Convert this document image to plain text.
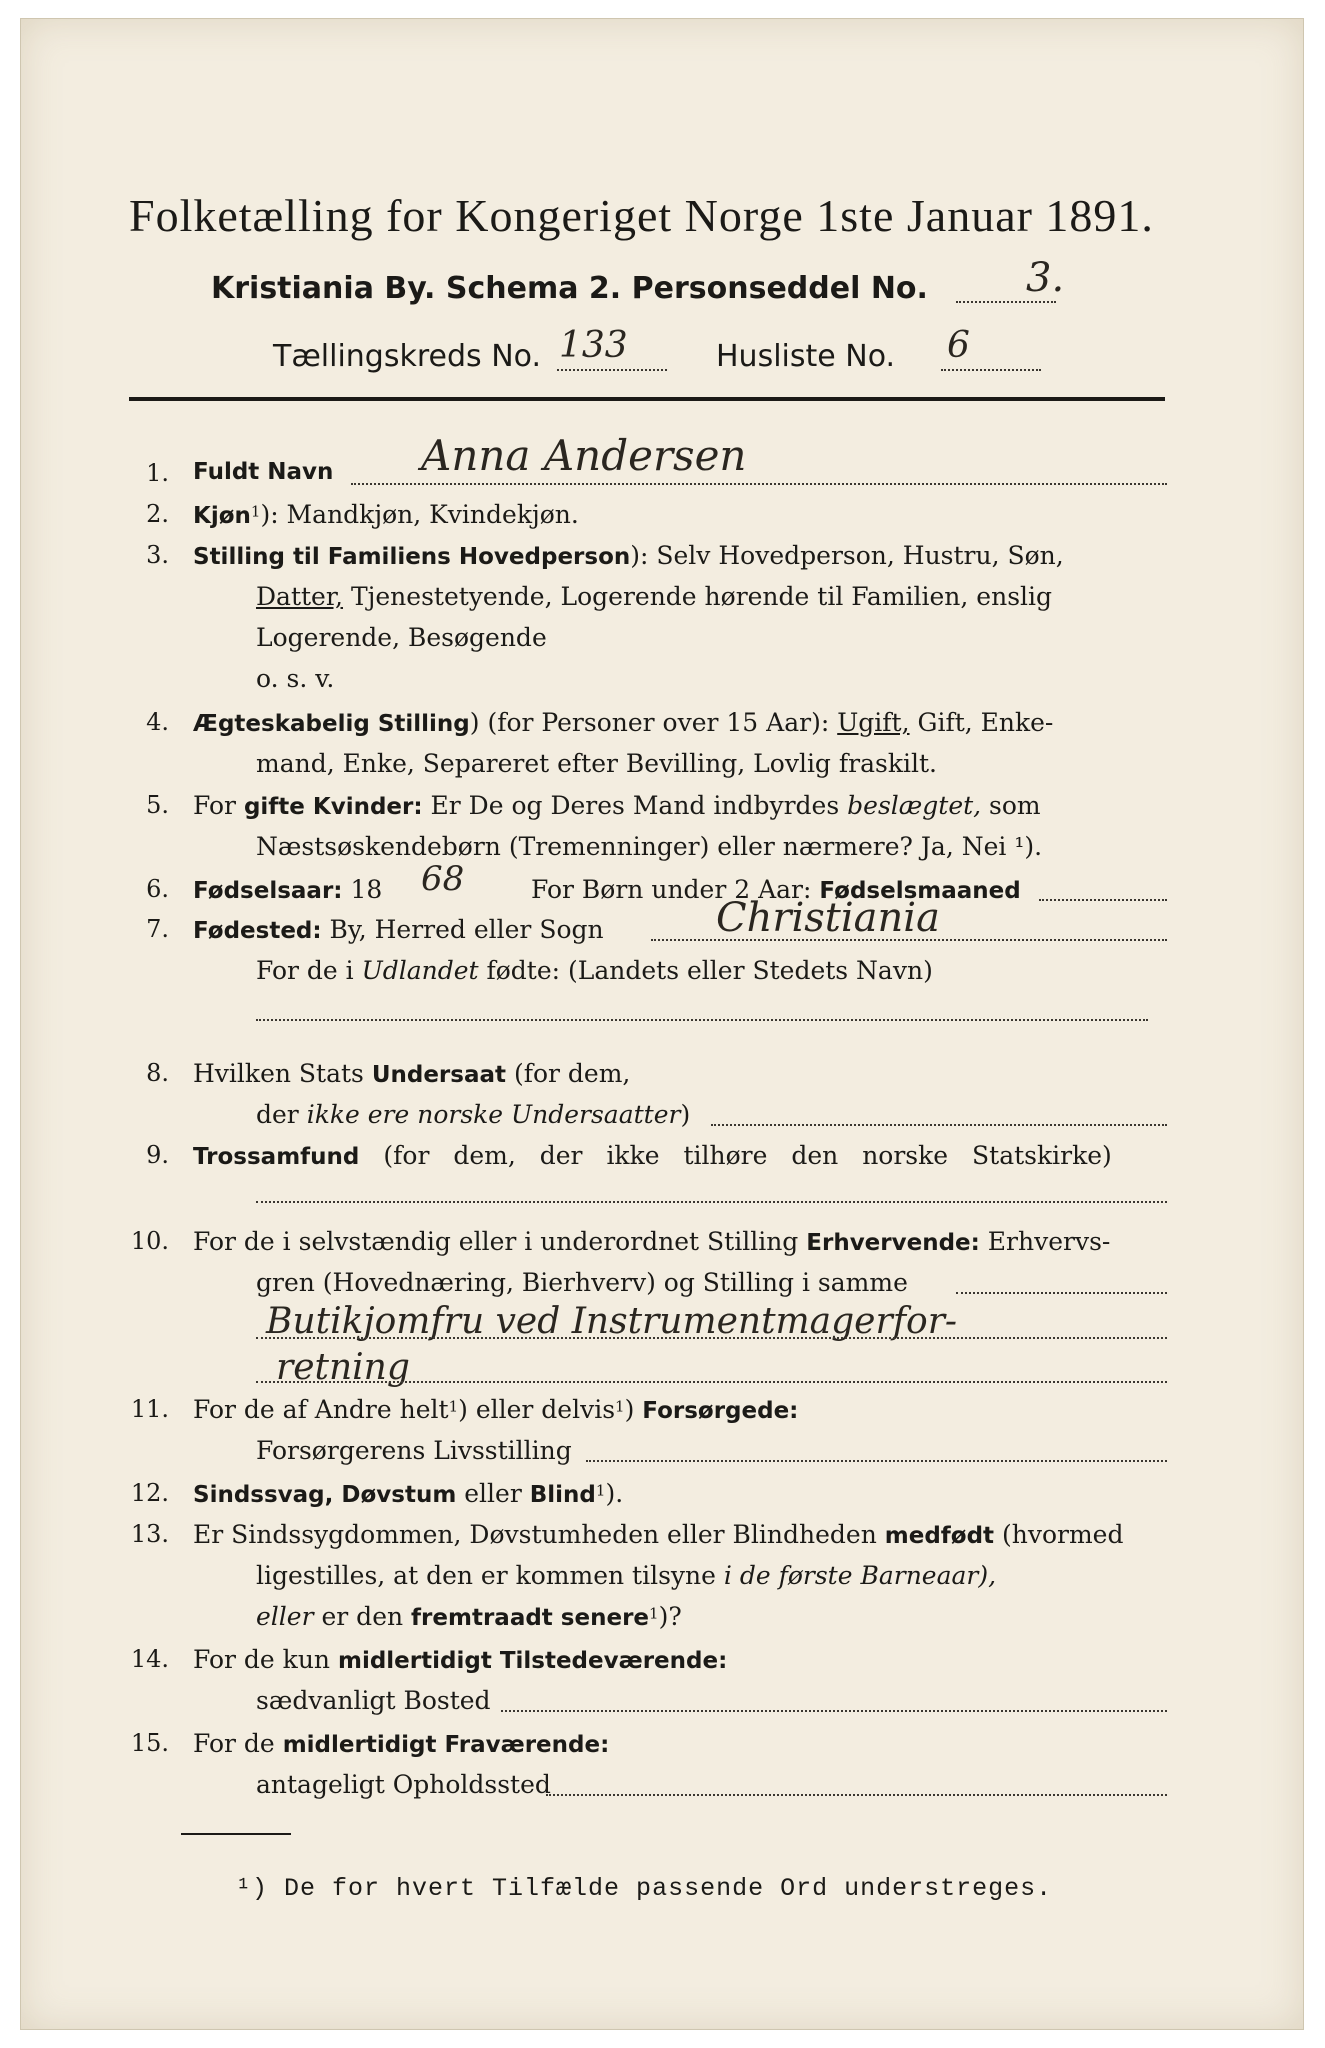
Folketælling for Kongeriget Norge 1ste Januar 1891.
Kristiania By. Schema 2. Personseddel No. 3.
Tællingskreds No. 133	Husliste No. 6
1. Fuldt Navn Anna Andersen
2. Kjøn$^1$): Mandkjøn, Kvindekjøn.
3. Stilling til Familiens Hovedperson): Selv Hovedperson, Hustru, Søn,
Datter, Tjenestetyende, Logerende hørende til Familien, enslig
Logerende, Besøgende
o. s. v.
4. Ægteskabelig Stilling) (for Personer over 15 Aar): Ugift, Gift, Enke-
mand, Enke, Separeret efter Bevilling, Lovlig fraskilt.
5. For gifte Kvinder: Er De og Deres Mand indbyrdes beslægtet, som
Næstsøskendebørn (Tremenninger) eller nærmere? Ja, Nei ¹).
6. Fødselsaar: 18 68	For Børn under 2 Aar: Fødselsmaaned
7. Fødested: By, Herred eller Sogn	Christiania
For de i Udlandet fødte: (Landets eller Stedets Navn)
8. Hvilken Stats Undersaat (for dem,
der ikke ere norske Undersaatter)
9. Trossamfund (for dem, der ikke tilhøre den norske Statskirke)
10. For de i selvstændig eller i underordnet Stilling Erhvervende: Erhvervs-
gren (Hovednæring, Bierhverv) og Stilling i samme
Butikjomfru ved Instrumentmagerfor-
retning
11. For de af Andre helt$^1$) eller delvis$^1$) Forsørgede:
Forsørgerens Livsstilling
12. Sindssvag, Døvstum eller Blind$^1$).
13. Er Sindssygdommen, Døvstumheden eller Blindheden medfødt (hvormed
ligestilles, at den er kommen tilsyne i de første Barneaar),
eller er den fremtraadt senere$^1$)?
14. For de kun midlertidigt Tilstedeværende:
sædvanligt Bosted
15. For de midlertidigt Fraværende:
antageligt Opholdssted
¹) De for hvert Tilfælde passende Ord understreges.
